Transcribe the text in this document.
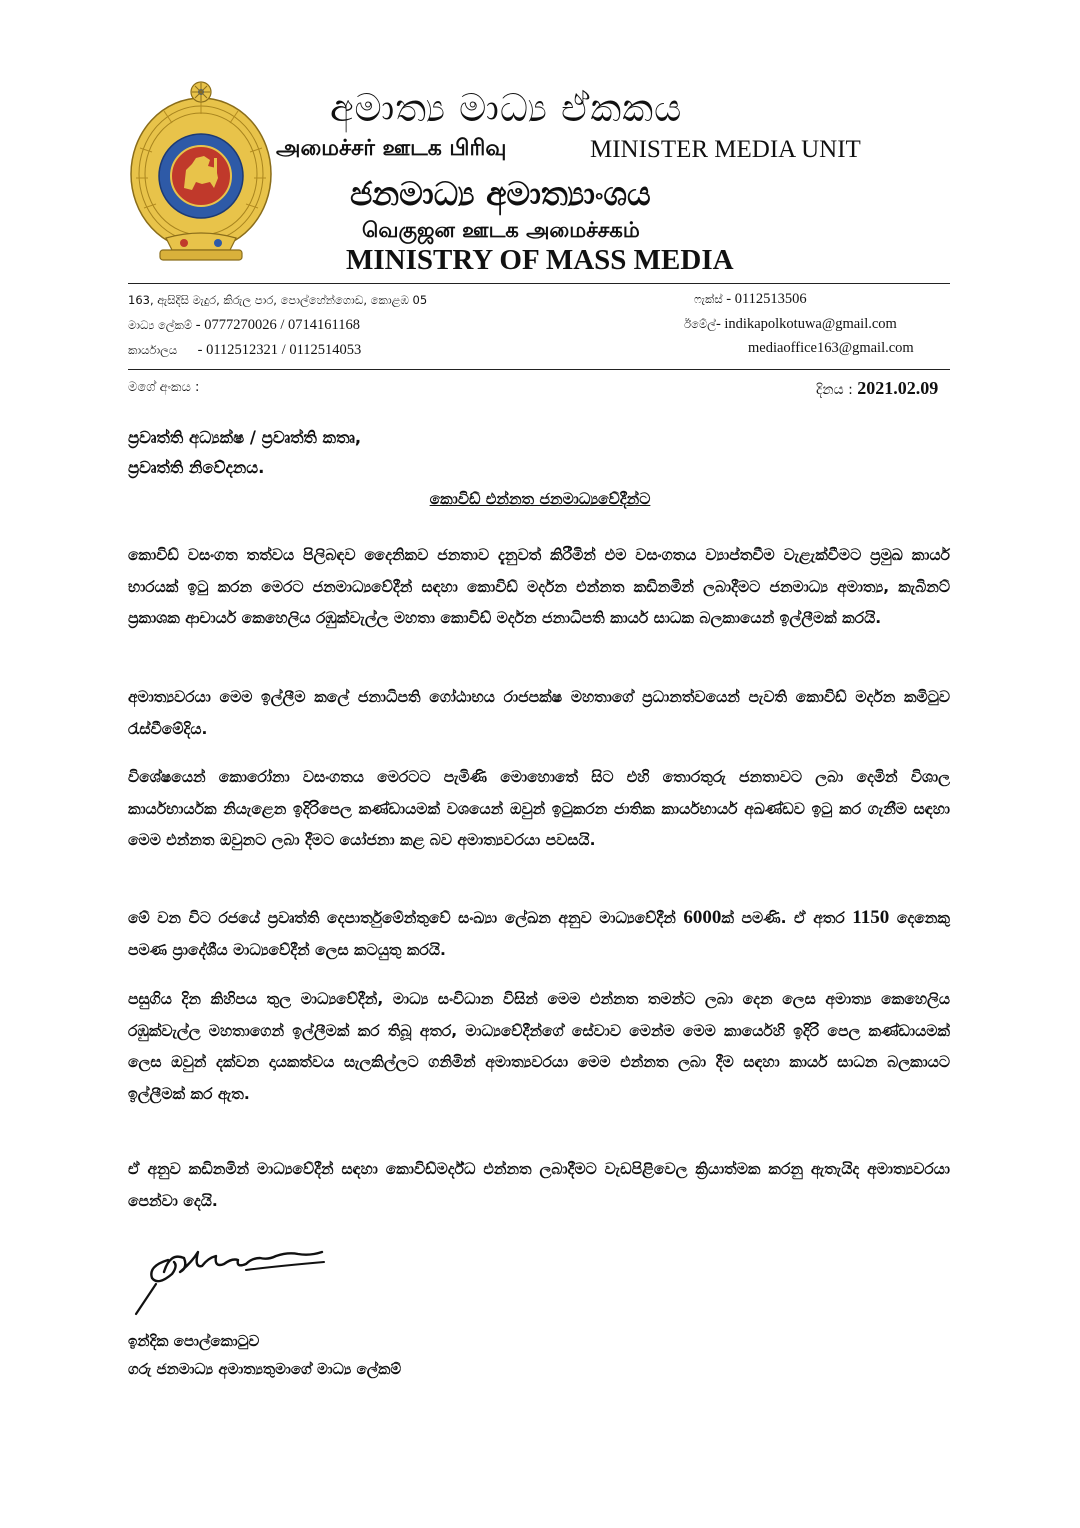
අමාත්‍ය මාධ්‍ය ඒකකය
அமைச்சர் ஊடக பிரிவு	MINISTER MEDIA UNIT
ජනමාධ්‍ය අමාත්‍යාංශය
வெகுஜன ஊடக அமைச்சகம்
MINISTRY OF MASS MEDIA
163, ඇසිදිසි මැදුර, කිරුල පාර, පොල්හේන්ගොඩ, කොළඹ 05
මාධ්‍ය ලේකම් - 0777270026 / 0714161168
කාර්යාලය - 0112512321 / 0112514053
ෆැක්ස් - 0112513506
ඊමේල්- indikapolkotuwa@gmail.com
mediaoffice163@gmail.com
මගේ අංකය :	දිනය : 2021.02.09
ප්‍රවෘත්ති අධ්‍යක්ෂ / ප්‍රවෘත්ති කතෘ,
ප්‍රවෘත්ති නිවේදනය.
කොවිඩ් එන්නත ජනමාධ්‍යවේදීන්ට
කොවිඩ් වසංගත තත්වය පිලිබඳව දෛනිකව ජනතාව දැනුවත් කිරීමින් එම වසංගතය ව්‍යාප්තවීම වැළැක්වීමට ප්‍රමුඛ කාර්ය භාරයක් ඉටු කරන මෙරට ජනමාධ්‍යවේදීන් සඳහා කොවිඩ් මර්දන එන්නත කඩිනමින් ලබාදීමට ජනමාධ්‍ය අමාත්‍ය, කැබිනට් ප්‍රකාශක ආචාර්ය කෙහෙලිය රඹුක්වැල්ල මහතා කොවිඩ් මර්දන ජනාධිපති කාර්ය සාධක බලකායෙන් ඉල්ලීමක් කරයි.
අමාත්‍යවරයා මෙම ඉල්ලීම කලේ ජනාධිපති ගෝඨාභය රාජපක්ෂ මහතාගේ ප්‍රධානත්වයෙන් පැවති කොවිඩ් මර්දන කමිටුව රැස්වීමේදිය.
විශේෂයෙන් කොරෝනා වසංගතය මෙරටට පැමිණි මොහොතේ සිට එහි තොරතුරු ජනතාවට ලබා දෙමින් විශාල කාර්යභාර්යක නියැළෙන ඉදිරිපෙල කණ්ඩායමක් වශයෙන් ඔවුන් ඉටුකරන ජාතික කාර්යභාර්ය අඛණ්ඩව ඉටු කර ගැනීම සඳහා මෙම එන්නත ඔවුනට ලබා දීමට යෝජනා කළ බව අමාත්‍යවරයා පවසයි.
මේ වන විට රජයේ ප්‍රවෘත්ති දෙපාර්තුමේන්තුවේ සංඛ්‍යා ලේඛන අනුව මාධ්‍යවේදීන් 6000ක් පමණි. ඒ අතර 1150 දෙනෙකු පමණ ප්‍රාදේශීය මාධ්‍යවේදීන් ලෙස කටයුතු කරයි.
පසුගිය දින කිහිපය තුල මාධ්‍යවේදීන්, මාධ්‍ය සංවිධාන විසින් මෙම එන්නත තමන්ට ලබා දෙන ලෙස අමාත්‍ය කෙහෙලිය රඹුක්වැල්ල මහතාගෙන් ඉල්ලීමක් කර තිබූ අතර, මාධ්‍යවේදීන්ගේ සේවාව මෙන්ම මෙම කාර්යෙහි ඉදිරි පෙල කණ්ඩායමක් ලෙස ඔවුන් දක්වන දායකත්වය සැලකිල්ලට ගනිමින් අමාත්‍යවරයා මෙම එන්නත ලබා දීම සඳහා කාර්ය සාධන බලකායට ඉල්ලීමක් කර ඇත.
ඒ අනුව කඩිනමින් මාධ්‍යවේදීන් සඳහා කොවිඩ්මර්ද්ධ එන්නත ලබාදීමට වැඩපිළිවෙල ක්‍රියාත්මක කරනු ඇතැයිද අමාත්‍යවරයා පෙන්වා දෙයි.
ඉන්දික පොල්කොටුව
ගරු ජනමාධ්‍ය අමාත්‍යතුමාගේ මාධ්‍ය ලේකම්
